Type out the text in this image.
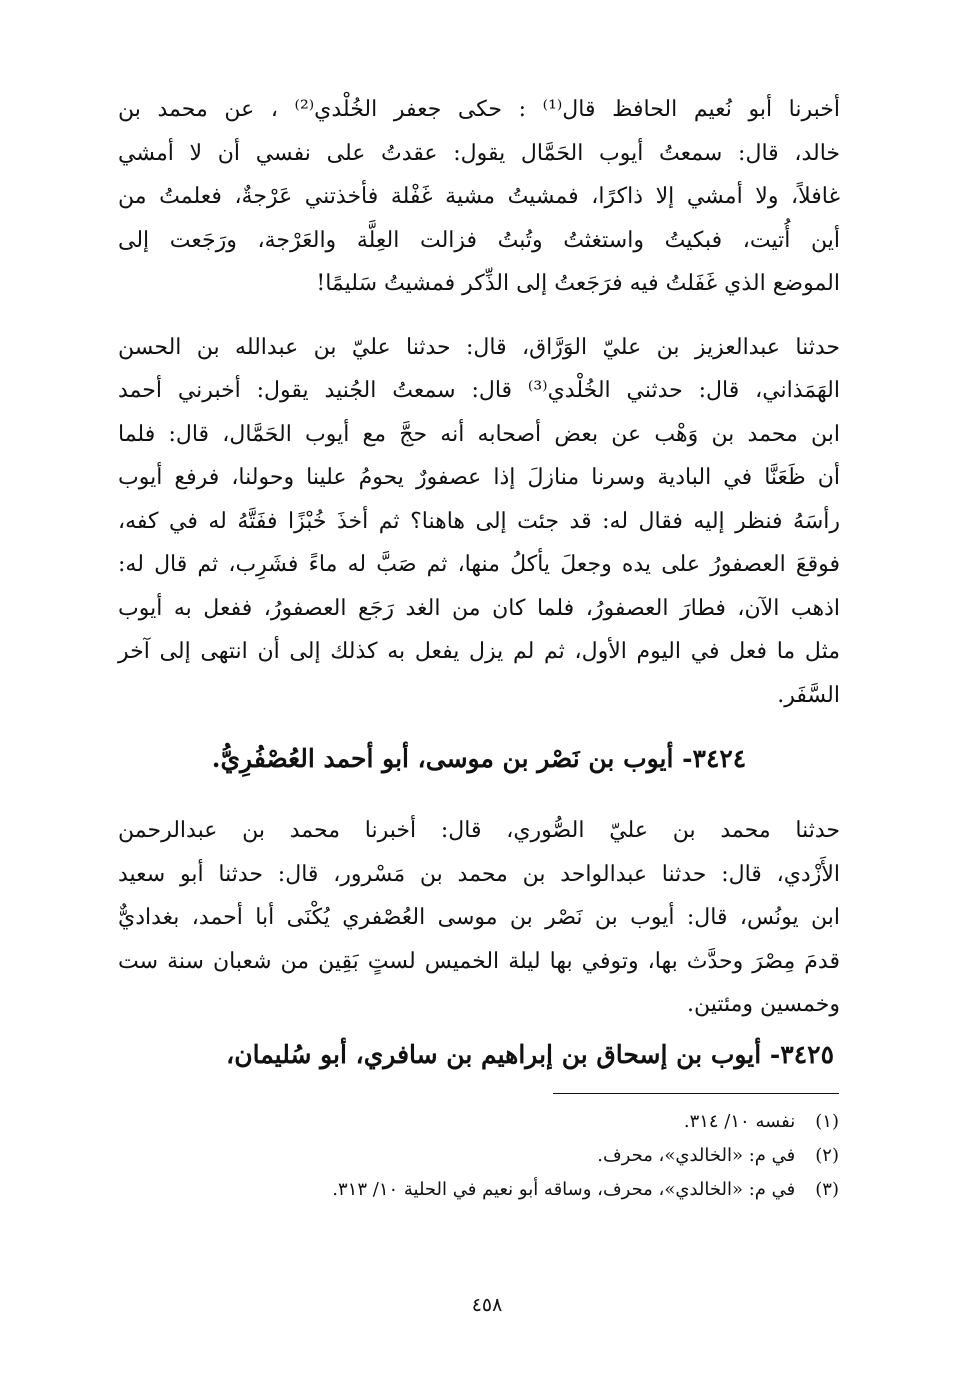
أخبرنا أبو نُعيم الحافظ قال⁽¹⁾ : حكى جعفر الخُلْدي⁽²⁾ ، عن محمد بن
خالد، قال: سمعتُ أيوب الحَمَّال يقول: عقدتُ على نفسي أن لا أمشي
غافلاً، ولا أمشي إلا ذاكرًا، فمشيتُ مشية غَفْلة فأخذتني عَرْجةٌ، فعلمتُ من
أين أُتيت، فبكيتُ واستغثتُ وتُبتُ فزالت العِلَّة والعَرْجة، ورَجَعت إلى
الموضع الذي غَفَلتُ فيه فرَجَعتُ إلى الذِّكر فمشيتُ سَليمًا!

حدثنا عبدالعزيز بن عليّ الوَرَّاق، قال: حدثنا عليّ بن عبدالله بن الحسن
الهَمَذاني، قال: حدثني الخُلْدي⁽³⁾ قال: سمعتُ الجُنيد يقول: أخبرني أحمد
ابن محمد بن وَهْب عن بعض أصحابه أنه حجَّ مع أيوب الحَمَّال، قال: فلما
أن ظَعَنَّا في البادية وسرنا منازلَ إذا عصفورٌ يحومُ علينا وحولنا، فرفع أيوب
رأسَهُ فنظر إليه فقال له: قد جئت إلى هاهنا؟ ثم أخذَ خُبْزًا ففَتَّهُ له في كفه،
فوقعَ العصفورُ على يده وجعلَ يأكلُ منها، ثم صَبَّ له ماءً فشَرِب، ثم قال له:
اذهب الآن، فطارَ العصفورُ، فلما كان من الغد رَجَع العصفورُ، ففعل به أيوب
مثل ما فعل في اليوم الأول، ثم لم يزل يفعل به كذلك إلى أن انتهى إلى آخر
السَّفَر.

٣٤٢٤- أيوب بن نَصْر بن موسى، أبو أحمد العُصْفُرِيُّ.

حدثنا محمد بن عليّ الصُّوري، قال: أخبرنا محمد بن عبدالرحمن
الأَزْدي، قال: حدثنا عبدالواحد بن محمد بن مَسْرور، قال: حدثنا أبو سعيد
ابن يونُس، قال: أيوب بن نَصْر بن موسى العُصْفري يُكْنَى أبا أحمد، بغداديٌّ
قدمَ مِصْرَ وحدَّث بها، وتوفي بها ليلة الخميس لستٍ بَقِين من شعبان سنة ست
وخمسين ومئتين.

٣٤٢٥- أيوب بن إسحاق بن إبراهيم بن سافري، أبو سُليمان،
(١) نفسه ١٠/ ٣١٤.
(٢) في م: «الخالدي»، محرف.
(٣) في م: «الخالدي»، محرف، وساقه أبو نعيم في الحلية ١٠/ ٣١٣.
٤٥٨
